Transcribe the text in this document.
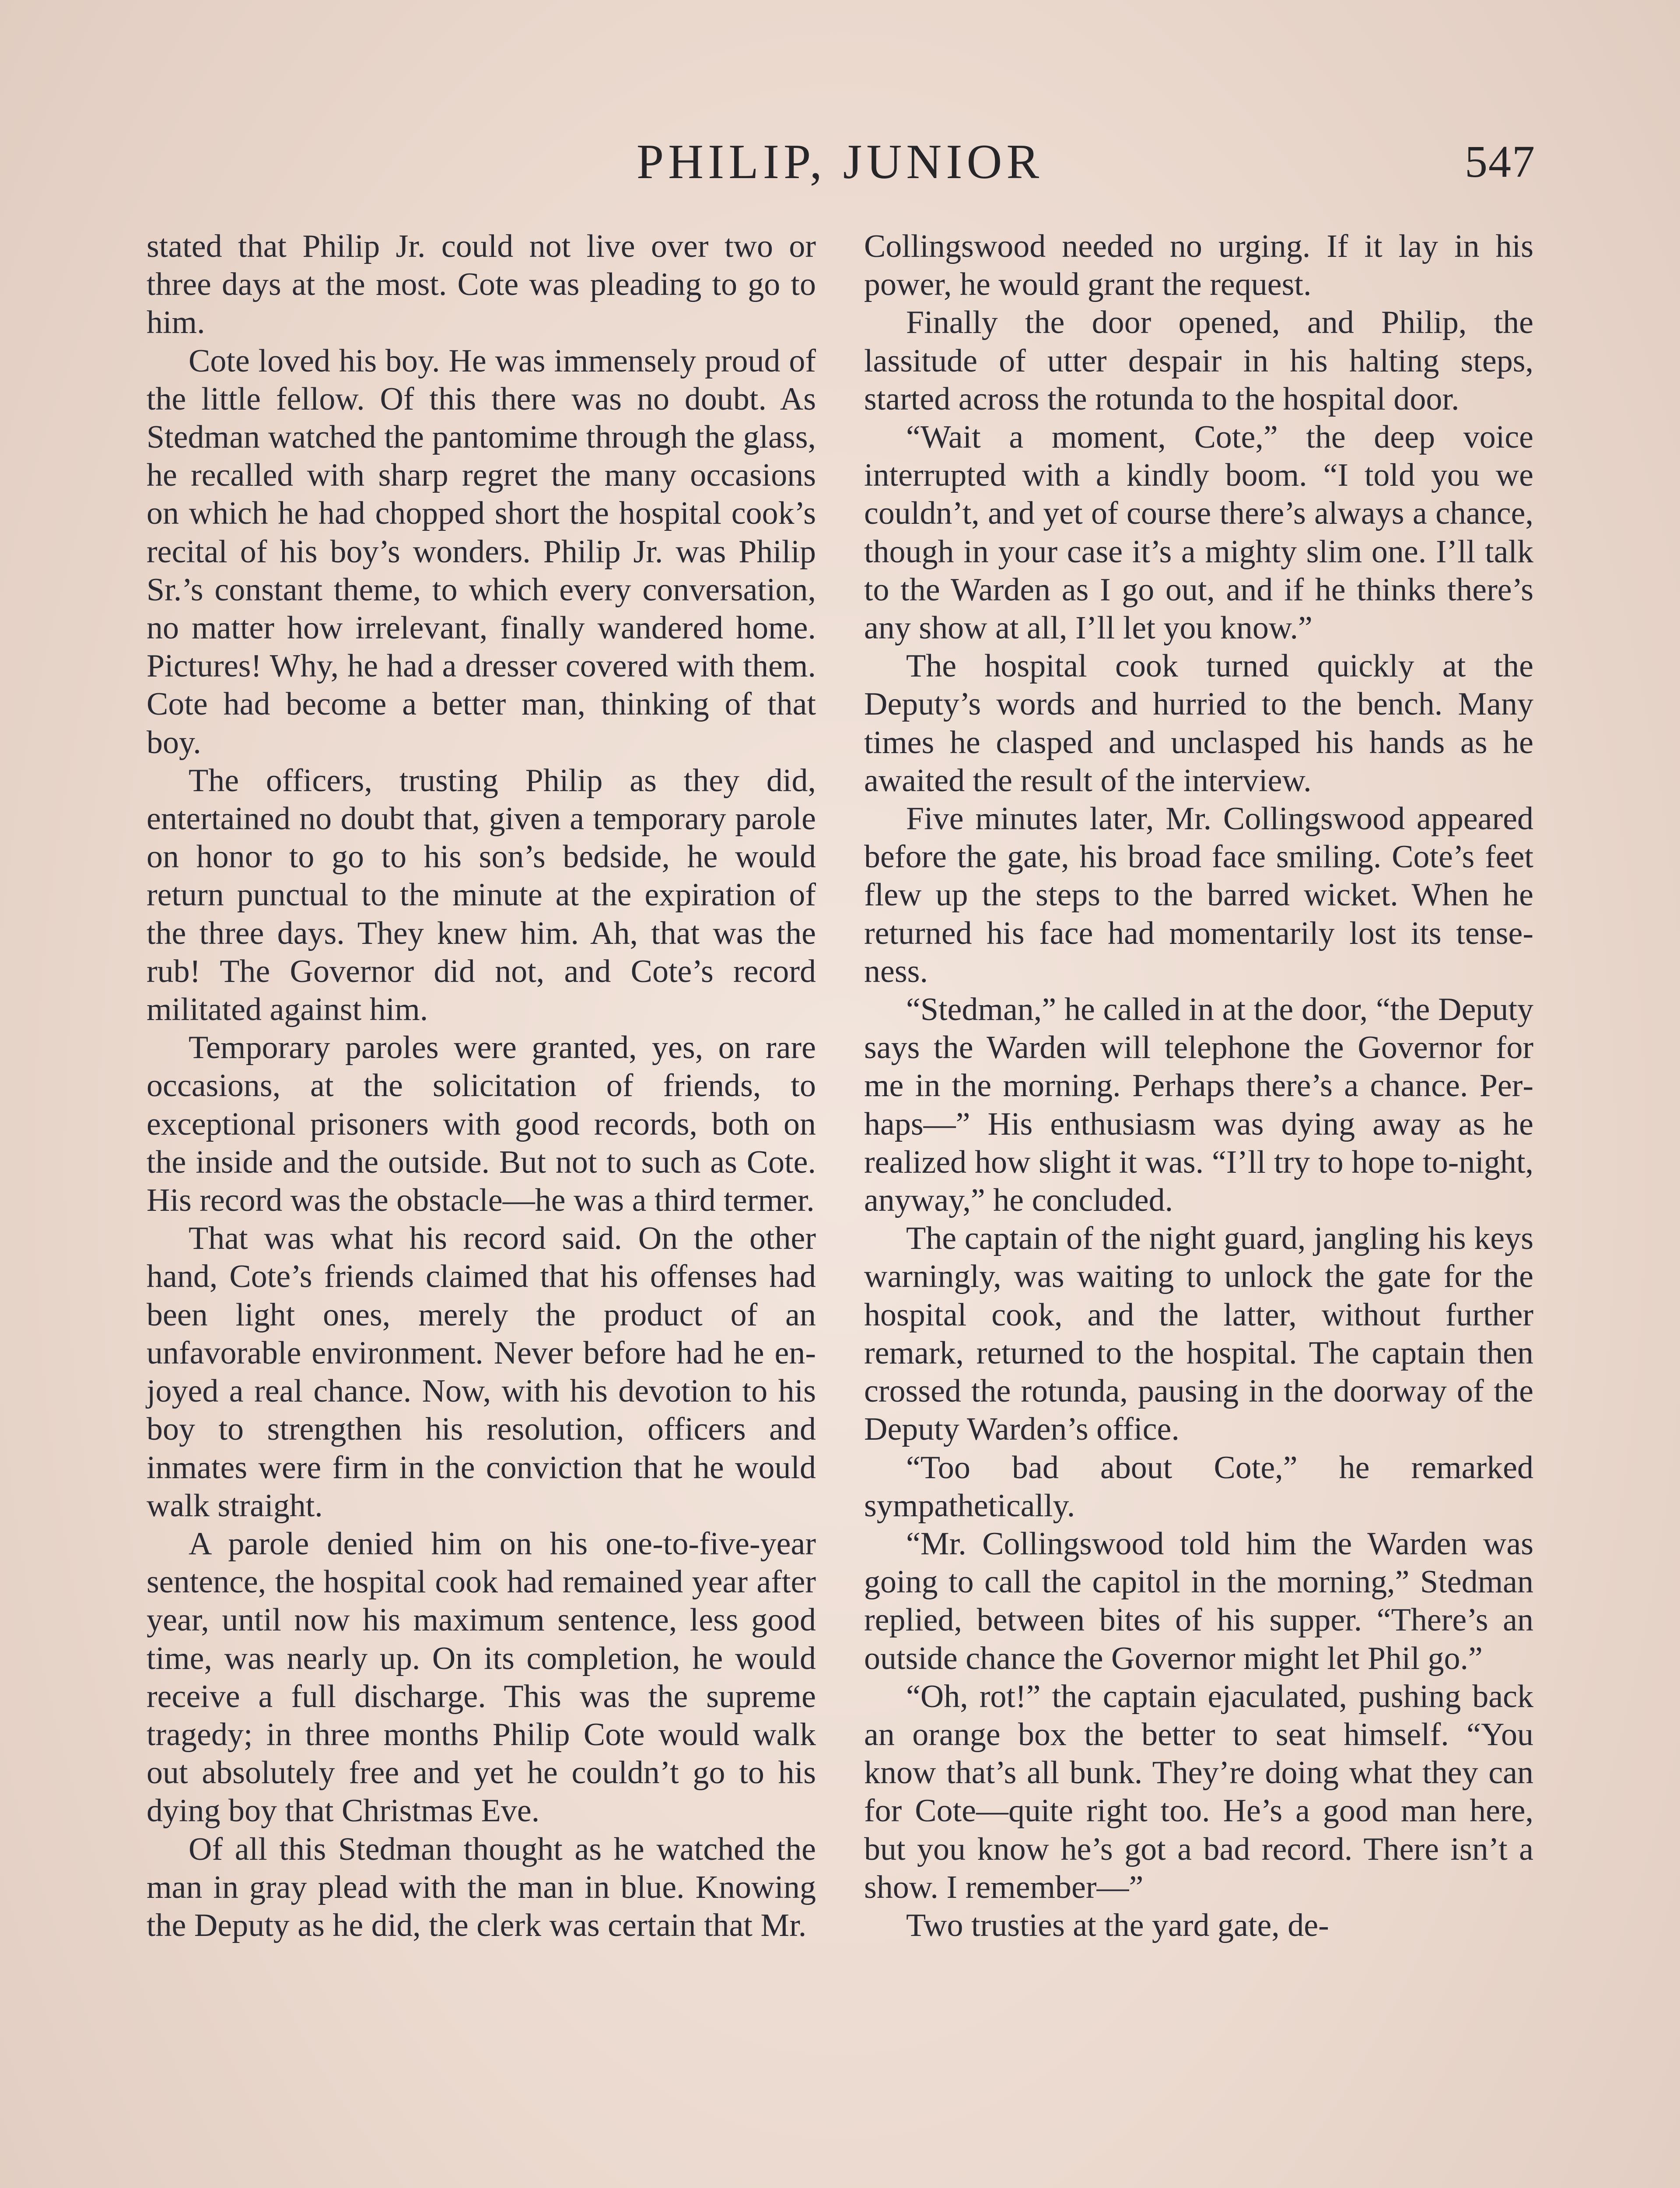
PHILIP, JUNIOR	547

stated that Philip Jr. could not live over two or three days at the most. Cote was pleading to go to him.

Cote loved his boy. He was immensely proud of the little fellow. Of this there was no doubt. As Stedman watched the pantomime through the glass, he recalled with sharp regret the many occasions on which he had chopped short the hospital cook’s recital of his boy’s wonders. Philip Jr. was Philip Sr.’s constant theme, to which every conversation, no matter how irrelevant, finally wandered home. Pictures! Why, he had a dresser covered with them. Cote had become a better man, thinking of that boy.

The officers, trusting Philip as they did, entertained no doubt that, given a temporary parole on honor to go to his son’s bedside, he would return punctual to the minute at the expiration of the three days. They knew him. Ah, that was the rub! The Governor did not, and Cote’s record militated against him.

Temporary paroles were granted, yes, on rare occasions, at the solicitation of friends, to exceptional prisoners with good records, both on the inside and the outside. But not to such as Cote. His record was the obstacle—he was a third termer.

That was what his record said. On the other hand, Cote’s friends claimed that his offenses had been light ones, merely the product of an unfavorable environment. Never before had he enjoyed a real chance. Now, with his devotion to his boy to strengthen his resolution, officers and inmates were firm in the conviction that he would walk straight.

A parole denied him on his one-to-five-year sentence, the hospital cook had remained year after year, until now his maximum sentence, less good time, was nearly up. On its completion, he would receive a full discharge. This was the supreme tragedy; in three months Philip Cote would walk out absolutely free and yet he couldn’t go to his dying boy that Christmas Eve.

Of all this Stedman thought as he watched the man in gray plead with the man in blue. Knowing the Deputy as he did, the clerk was certain that Mr.

Collingswood needed no urging. If it lay in his power, he would grant the request.

Finally the door opened, and Philip, the lassitude of utter despair in his halting steps, started across the rotunda to the hospital door.

“Wait a moment, Cote,” the deep voice interrupted with a kindly boom. “I told you we couldn’t, and yet of course there’s always a chance, though in your case it’s a mighty slim one. I’ll talk to the Warden as I go out, and if he thinks there’s any show at all, I’ll let you know.”

The hospital cook turned quickly at the Deputy’s words and hurried to the bench. Many times he clasped and unclasped his hands as he awaited the result of the interview.

Five minutes later, Mr. Collingswood appeared before the gate, his broad face smiling. Cote’s feet flew up the steps to the barred wicket. When he returned his face had momentarily lost its tenseness.

“Stedman,” he called in at the door, “the Deputy says the Warden will telephone the Governor for me in the morning. Perhaps there’s a chance. Perhaps—” His enthusiasm was dying away as he realized how slight it was. “I’ll try to hope to-night, anyway,” he concluded.

The captain of the night guard, jangling his keys warningly, was waiting to unlock the gate for the hospital cook, and the latter, without further remark, returned to the hospital. The captain then crossed the rotunda, pausing in the doorway of the Deputy Warden’s office.

“Too bad about Cote,” he remarked sympathetically.

“Mr. Collingswood told him the Warden was going to call the capitol in the morning,” Stedman replied, between bites of his supper. “There’s an outside chance the Governor might let Phil go.”

“Oh, rot!” the captain ejaculated, pushing back an orange box the better to seat himself. “You know that’s all bunk. They’re doing what they can for Cote—quite right too. He’s a good man here, but you know he’s got a bad record. There isn’t a show. I remember—”

Two trusties at the yard gate, de-
